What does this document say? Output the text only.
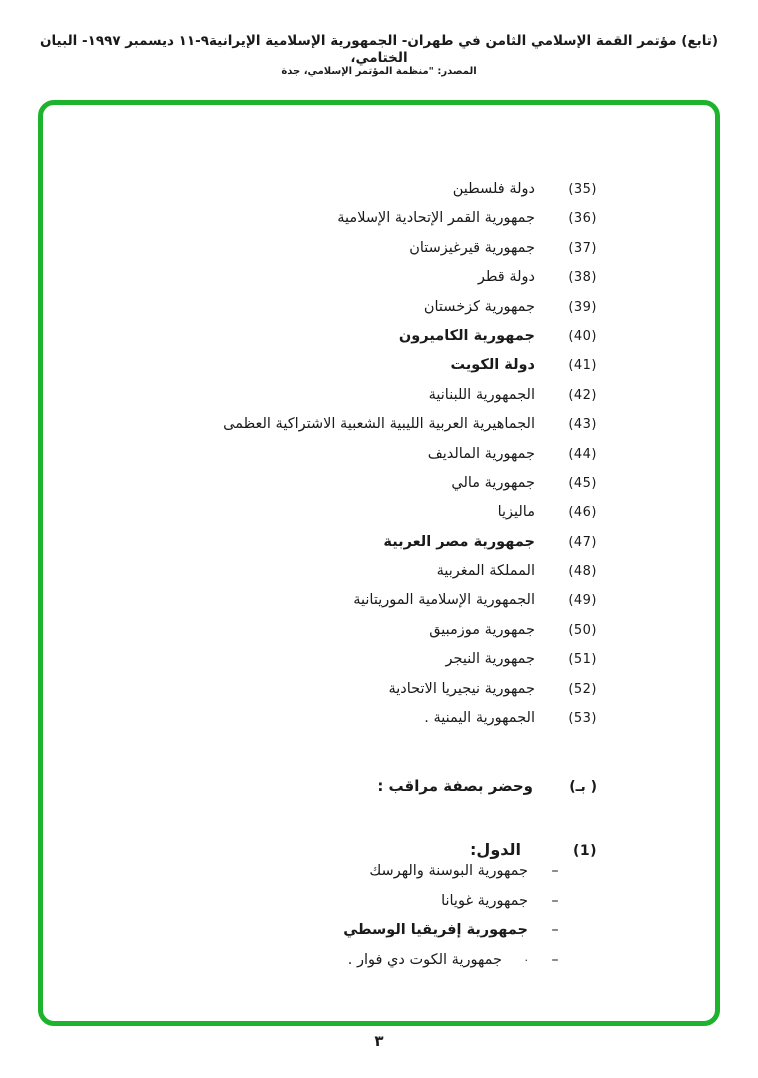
(تابع) مؤتمر القمة الإسلامي الثامن في طهران- الجمهورية الإسلامية الإيرانية٩-١١ ديسمبر ١٩٩٧- البيان الختامي،
المصدر: "منظمة المؤتمر الإسلامي، جدة
(35)
دولة فلسطين
(36)
جمهورية القمر الإتحادية الإسلامية
(37)
جمهورية قيرغيزستان
(38)
دولة قطر
(39)
جمهورية كزخستان
(40)
جمهورية الكاميرون
(41)
دولة الكويت
(42)
الجمهورية اللبنانية
(43)
الجماهيرية العربية الليبية الشعبية الاشتراكية العظمى
(44)
جمهورية المالديف
(45)
جمهورية مالي
(46)
ماليزيا
(47)
جمهورية مصر العربية
(48)
المملكة المغربية
(49)
الجمهورية الإسلامية الموريتانية
(50)
جمهورية موزمبيق
(51)
جمهورية النيجر
(52)
جمهورية نيجيريا الاتحادية
(53)
الجمهورية اليمنية .
(بـ )
وحضر بصفة مراقب :
(1)
الدول:
–
جمهورية البوسنة والهرسك
–
جمهورية غويانا
–
جمهورية إفريقيا الوسطي
–
·
جمهورية الكوت دي فوار .
٣
